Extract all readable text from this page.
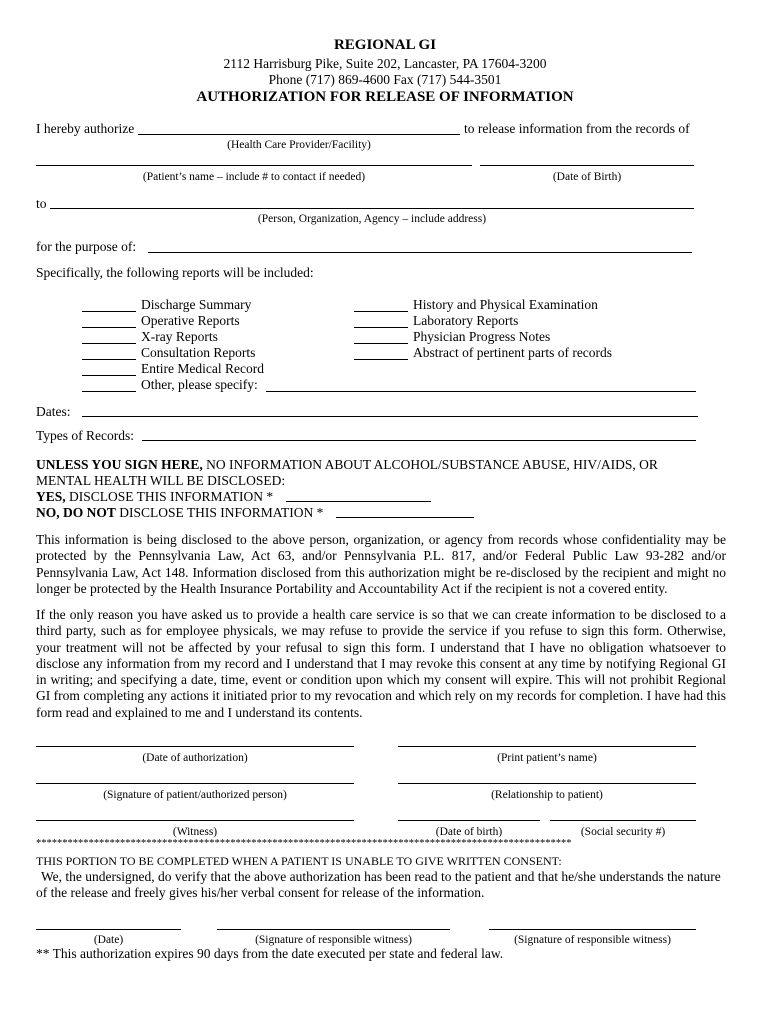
REGIONAL GI
2112 Harrisburg Pike, Suite 202, Lancaster, PA 17604-3200
Phone (717) 869-4600 Fax (717) 544-3501
AUTHORIZATION FOR RELEASE OF INFORMATION
I hereby authorize	to release information from the records of
(Health Care Provider/Facility)
(Patient’s name – include # to contact if needed)	(Date of Birth)
to
(Person, Organization, Agency – include address)
for the purpose of:
Specifically, the following reports will be included:
Discharge Summary
Operative Reports
X-ray Reports
Consultation Reports
Entire Medical Record
Other, please specify:
History and Physical Examination
Laboratory Reports
Physician Progress Notes
Abstract of pertinent parts of records
Dates:
Types of Records:
UNLESS YOU SIGN HERE, NO INFORMATION ABOUT ALCOHOL/SUBSTANCE ABUSE, HIV/AIDS, OR
MENTAL HEALTH WILL BE DISCLOSED:
YES, DISCLOSE THIS INFORMATION *
NO, DO NOT DISCLOSE THIS INFORMATION *
This information is being disclosed to the above person, organization, or agency from records whose confidentiality may be protected by the Pennsylvania Law, Act 63, and/or Pennsylvania P.L. 817, and/or Federal Public Law 93-282 and/or Pennsylvania Law, Act 148. Information disclosed from this authorization might be re-disclosed by the recipient and might no longer be protected by the Health Insurance Portability and Accountability Act if the recipient is not a covered entity.
If the only reason you have asked us to provide a health care service is so that we can create information to be disclosed to a third party, such as for employee physicals, we may refuse to provide the service if you refuse to sign this form. Otherwise, your treatment will not be affected by your refusal to sign this form. I understand that I have no obligation whatsoever to disclose any information from my record and I understand that I may revoke this consent at any time by notifying Regional GI in writing; and specifying a date, time, event or condition upon which my consent will expire. This will not prohibit Regional GI from completing any actions it initiated prior to my revocation and which rely on my records for completion. I have had this form read and explained to me and I understand its contents.
(Date of authorization)	(Print patient’s name)
(Signature of patient/authorized person)	(Relationship to patient)
(Witness)	(Date of birth)	(Social security #)
******************************************************************************************************
THIS PORTION TO BE COMPLETED WHEN A PATIENT IS UNABLE TO GIVE WRITTEN CONSENT:
We, the undersigned, do verify that the above authorization has been read to the patient and that he/she understands the nature of the release and freely gives his/her verbal consent for release of the information.
(Date)	(Signature of responsible witness)	(Signature of responsible witness)
** This authorization expires 90 days from the date executed per state and federal law.
